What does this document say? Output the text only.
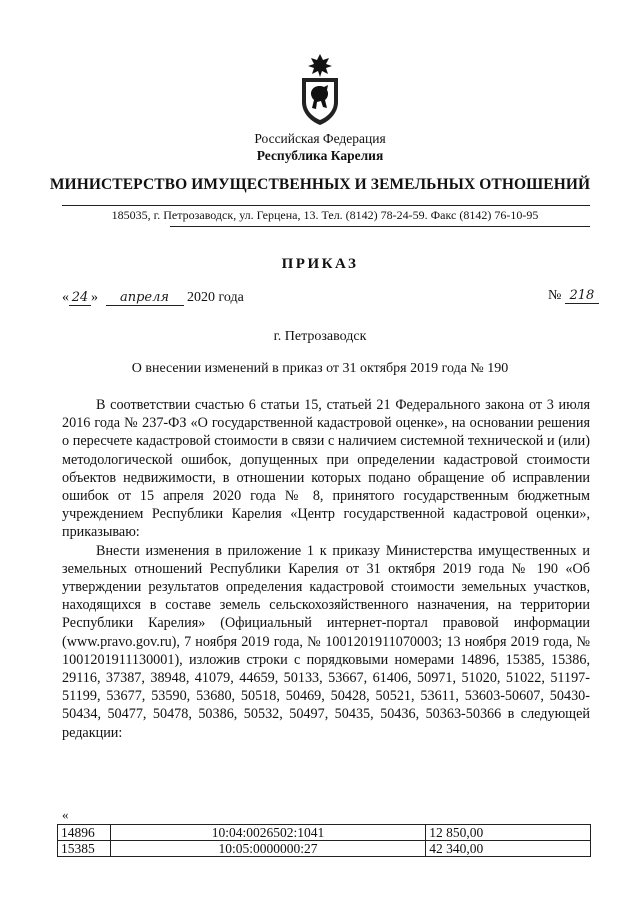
Российская Федерация
Республика Карелия
МИНИСТЕРСТВО ИМУЩЕСТВЕННЫХ И ЗЕМЕЛЬНЫХ ОТНОШЕНИЙ
185035, г. Петрозаводск, ул. Герцена, 13. Тел. (8142) 78-24-59. Факс (8142) 76-10-95
ПРИКАЗ
« 24 » апреля 2020 года	№ 218
г. Петрозаводск
О внесении изменений в приказ от 31 октября 2019 года № 190

В соответствии счастью 6 статьи 15, статьей 21 Федерального закона от 3 июля 2016 года № 237-ФЗ «О государственной кадастровой оценке», на основании решения о пересчете кадастровой стоимости в связи с наличием системной технической и (или) методологической ошибок, допущенных при определении кадастровой стоимости объектов недвижимости, в отношении которых подано обращение об исправлении ошибок от 15 апреля 2020 года № 8, принятого государственным бюджетным учреждением Республики Карелия «Центр государственной кадастровой оценки», приказываю:

Внести изменения в приложение 1 к приказу Министерства имущественных и земельных отношений Республики Карелия от 31 октября 2019 года № 190 «Об утверждении результатов определения кадастровой стоимости земельных участков, находящихся в составе земель сельскохозяйственного назначения, на территории Республики Карелия» (Официальный интернет-портал правовой информации (www.pravo.gov.ru), 7 ноября 2019 года, № 1001201911070003; 13 ноября 2019 года, № 1001201911130001), изложив строки с порядковыми номерами 14896, 15385, 15386, 29116, 37387, 38948, 41079, 44659, 50133, 53667, 61406, 50971, 51020, 51022, 51197- 51199, 53677, 53590, 53680, 50518, 50469, 50428, 50521, 53611, 53603-50607, 50430-50434, 50477, 50478, 50386, 50532, 50497, 50435, 50436, 50363-50366 в следующей редакции:

«
14896	10:04:0026502:1041	12 850,00
15385	10:05:0000000:27	42 340,00
